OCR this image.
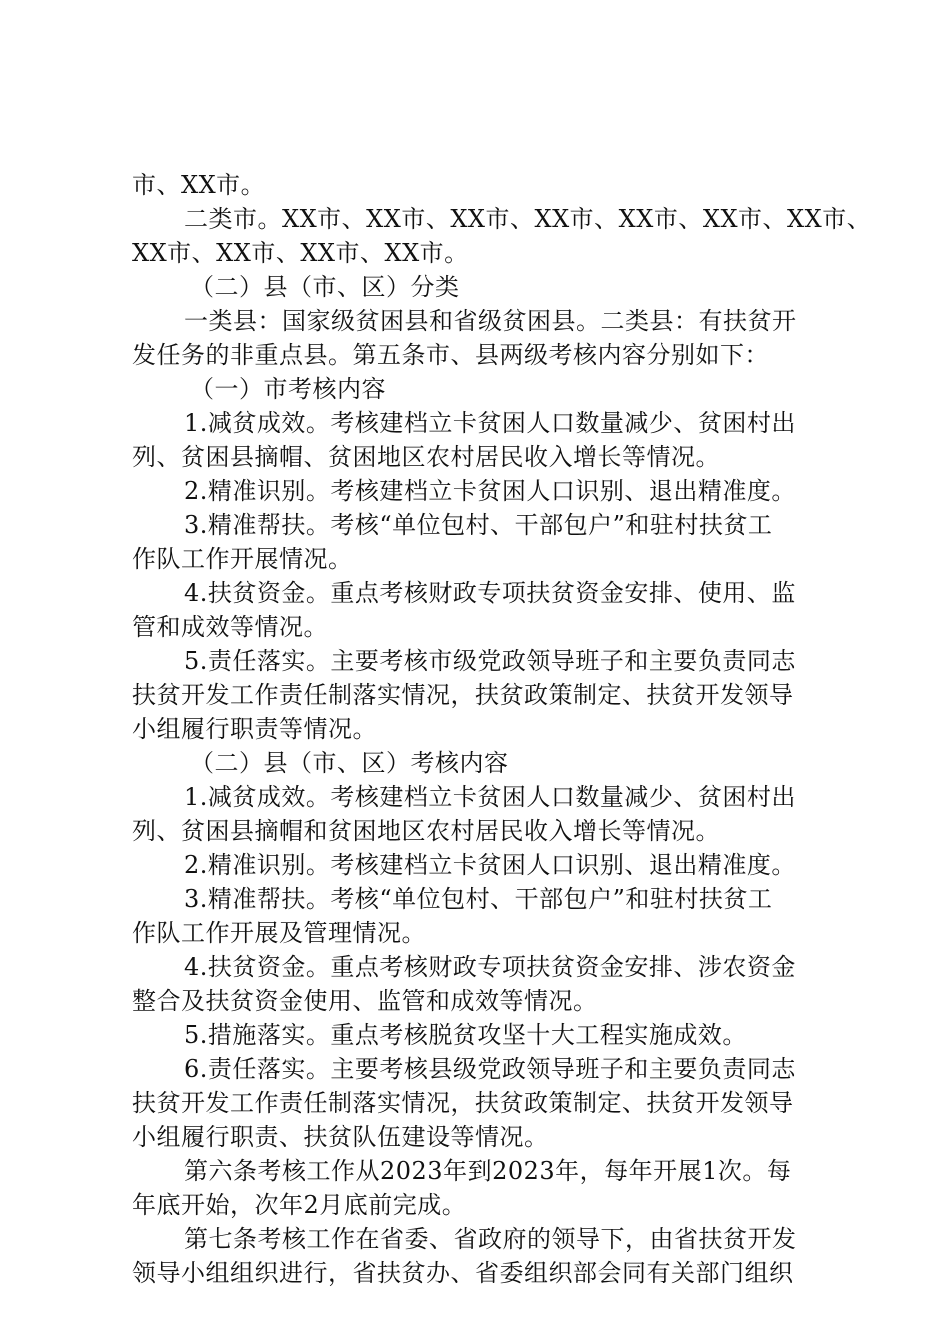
市、XX市。
二类市。XX市、XX市、XX市、XX市、XX市、XX市、XX市、
XX市、XX市、XX市、XX市。
（二）县（市、区）分类
一类县：国家级贫困县和省级贫困县。二类县：有扶贫开
发任务的非重点县。第五条市、县两级考核内容分别如下：
（一）市考核内容
1.减贫成效。考核建档立卡贫困人口数量减少、贫困村出
列、贫困县摘帽、贫困地区农村居民收入增长等情况。
2.精准识别。考核建档立卡贫困人口识别、退出精准度。
3.精准帮扶。考核“单位包村、干部包户”和驻村扶贫工
作队工作开展情况。
4.扶贫资金。重点考核财政专项扶贫资金安排、使用、监
管和成效等情况。
5.责任落实。主要考核市级党政领导班子和主要负责同志
扶贫开发工作责任制落实情况，扶贫政策制定、扶贫开发领导
小组履行职责等情况。
（二）县（市、区）考核内容
1.减贫成效。考核建档立卡贫困人口数量减少、贫困村出
列、贫困县摘帽和贫困地区农村居民收入增长等情况。
2.精准识别。考核建档立卡贫困人口识别、退出精准度。
3.精准帮扶。考核“单位包村、干部包户”和驻村扶贫工
作队工作开展及管理情况。
4.扶贫资金。重点考核财政专项扶贫资金安排、涉农资金
整合及扶贫资金使用、监管和成效等情况。
5.措施落实。重点考核脱贫攻坚十大工程实施成效。
6.责任落实。主要考核县级党政领导班子和主要负责同志
扶贫开发工作责任制落实情况，扶贫政策制定、扶贫开发领导
小组履行职责、扶贫队伍建设等情况。
第六条考核工作从2023年到2023年，每年开展1次。每
年底开始，次年2月底前完成。
第七条考核工作在省委、省政府的领导下，由省扶贫开发
领导小组组织进行，省扶贫办、省委组织部会同有关部门组织
